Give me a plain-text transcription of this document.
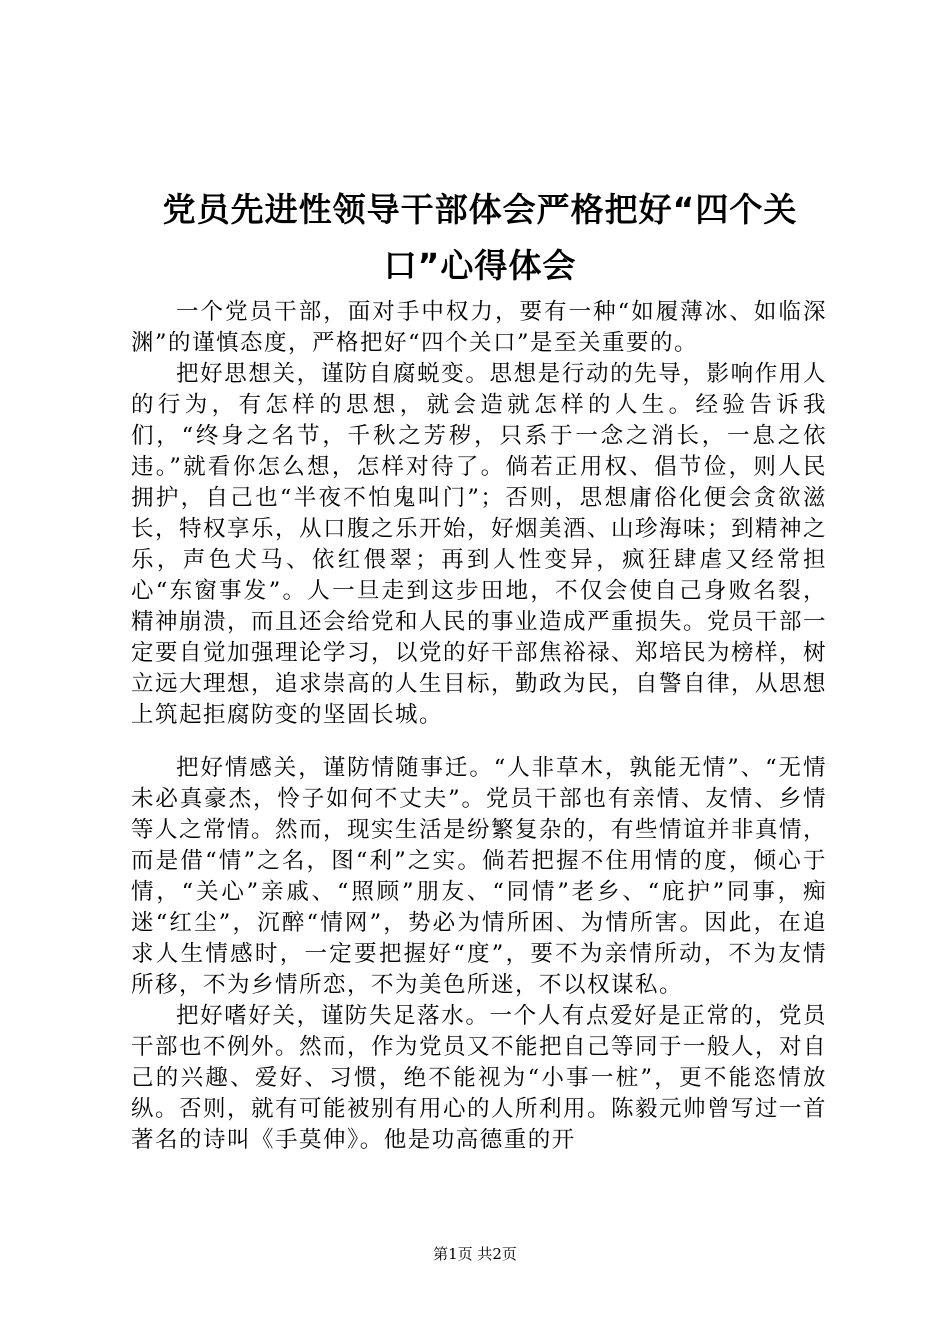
党员先进性领导干部体会严格把好“四个关
口”心得体会

一个党员干部，面对手中权力，要有一种“如履薄冰、如临深渊”的谨慎态度，严格把好“四个关口”是至关重要的。

把好思想关，谨防自腐蜕变。思想是行动的先导，影响作用人的行为，有怎样的思想，就会造就怎样的人生。经验告诉我们，“终身之名节，千秋之芳秽，只系于一念之消长，一息之依违。”就看你怎么想，怎样对待了。倘若正用权、倡节俭，则人民拥护，自己也“半夜不怕鬼叫门”；否则，思想庸俗化便会贪欲滋长，特权享乐，从口腹之乐开始，好烟美酒、山珍海味；到精神之乐，声色犬马、依红偎翠；再到人性变异，疯狂肆虐又经常担心“东窗事发”。人一旦走到这步田地，不仅会使自己身败名裂，精神崩溃，而且还会给党和人民的事业造成严重损失。党员干部一定要自觉加强理论学习，以党的好干部焦裕禄、郑培民为榜样，树立远大理想，追求崇高的人生目标，勤政为民，自警自律，从思想上筑起拒腐防变的坚固长城。

把好情感关，谨防情随事迁。“人非草木，孰能无情”、“无情未必真豪杰，怜子如何不丈夫”。党员干部也有亲情、友情、乡情等人之常情。然而，现实生活是纷繁复杂的，有些情谊并非真情，而是借“情”之名，图“利”之实。倘若把握不住用情的度，倾心于情，“关心”亲戚、“照顾”朋友、“同情”老乡、“庇护”同事，痴迷“红尘”，沉醉“情网”，势必为情所困、为情所害。因此，在追求人生情感时，一定要把握好“度”，要不为亲情所动，不为友情所移，不为乡情所恋，不为美色所迷，不以权谋私。

把好嗜好关，谨防失足落水。一个人有点爱好是正常的，党员干部也不例外。然而，作为党员又不能把自己等同于一般人，对自己的兴趣、爱好、习惯，绝不能视为“小事一桩”，更不能恣情放纵。否则，就有可能被别有用心的人所利用。陈毅元帅曾写过一首著名的诗叫《手莫伸》。他是功高德重的开

第1页 共2页
